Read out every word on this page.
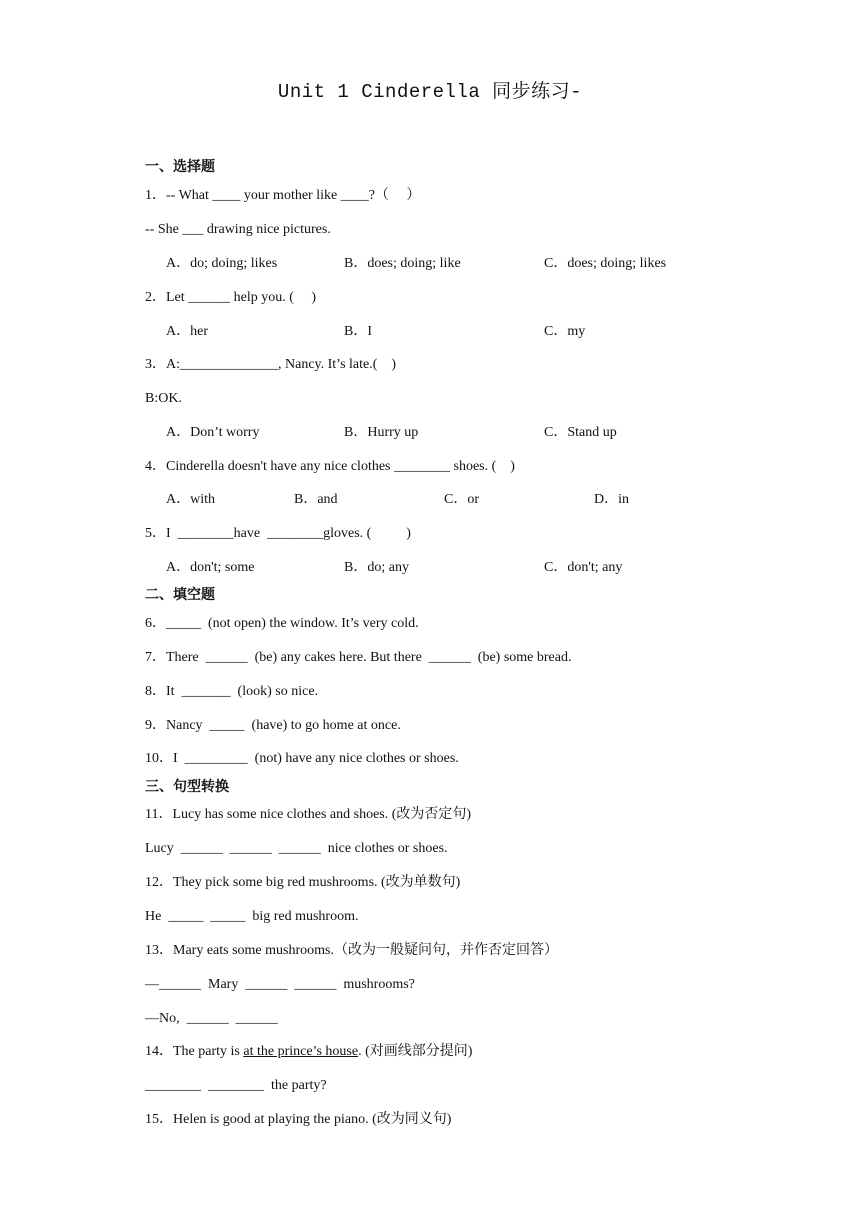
Unit 1 Cinderella 同步练习-
一、选择题
1．-- What ____ your mother like ____?（     ）
-- She ___ drawing nice pictures.
A．do; doing; likes	B．does; doing; like	C．does; doing; likes
2．Let ______ help you. (     )
A．her	B．I	C．my
3．A:______________, Nancy. It’s late.(    )
B:OK.
A．Don’t worry	B．Hurry up	C．Stand up
4．Cinderella doesn't have any nice clothes ________ shoes. (    )
A．with	B．and	C．or	D．in
5．I  ________have  ________gloves. (          )
A．don't; some	B．do; any	C．don't; any
二、填空题
6．_____  (not open) the window. It’s very cold.
7．There  ______  (be) any cakes here. But there  ______  (be) some bread.
8．It  _______  (look) so nice.
9．Nancy  _____  (have) to go home at once.
10．I  _________  (not) have any nice clothes or shoes.
三、句型转换
11．Lucy has some nice clothes and shoes. (改为否定句)
Lucy  ______  ______  ______  nice clothes or shoes.
12．They pick some big red mushrooms. (改为单数句)
He  _____  _____  big red mushroom.
13．Mary eats some mushrooms.（改为一般疑问句，并作否定回答）
—______  Mary  ______  ______  mushrooms?
—No,  ______  ______
14．The party is at the prince’s house. (对画线部分提问)
________  ________  the party?
15．Helen is good at playing the piano. (改为同义句)
